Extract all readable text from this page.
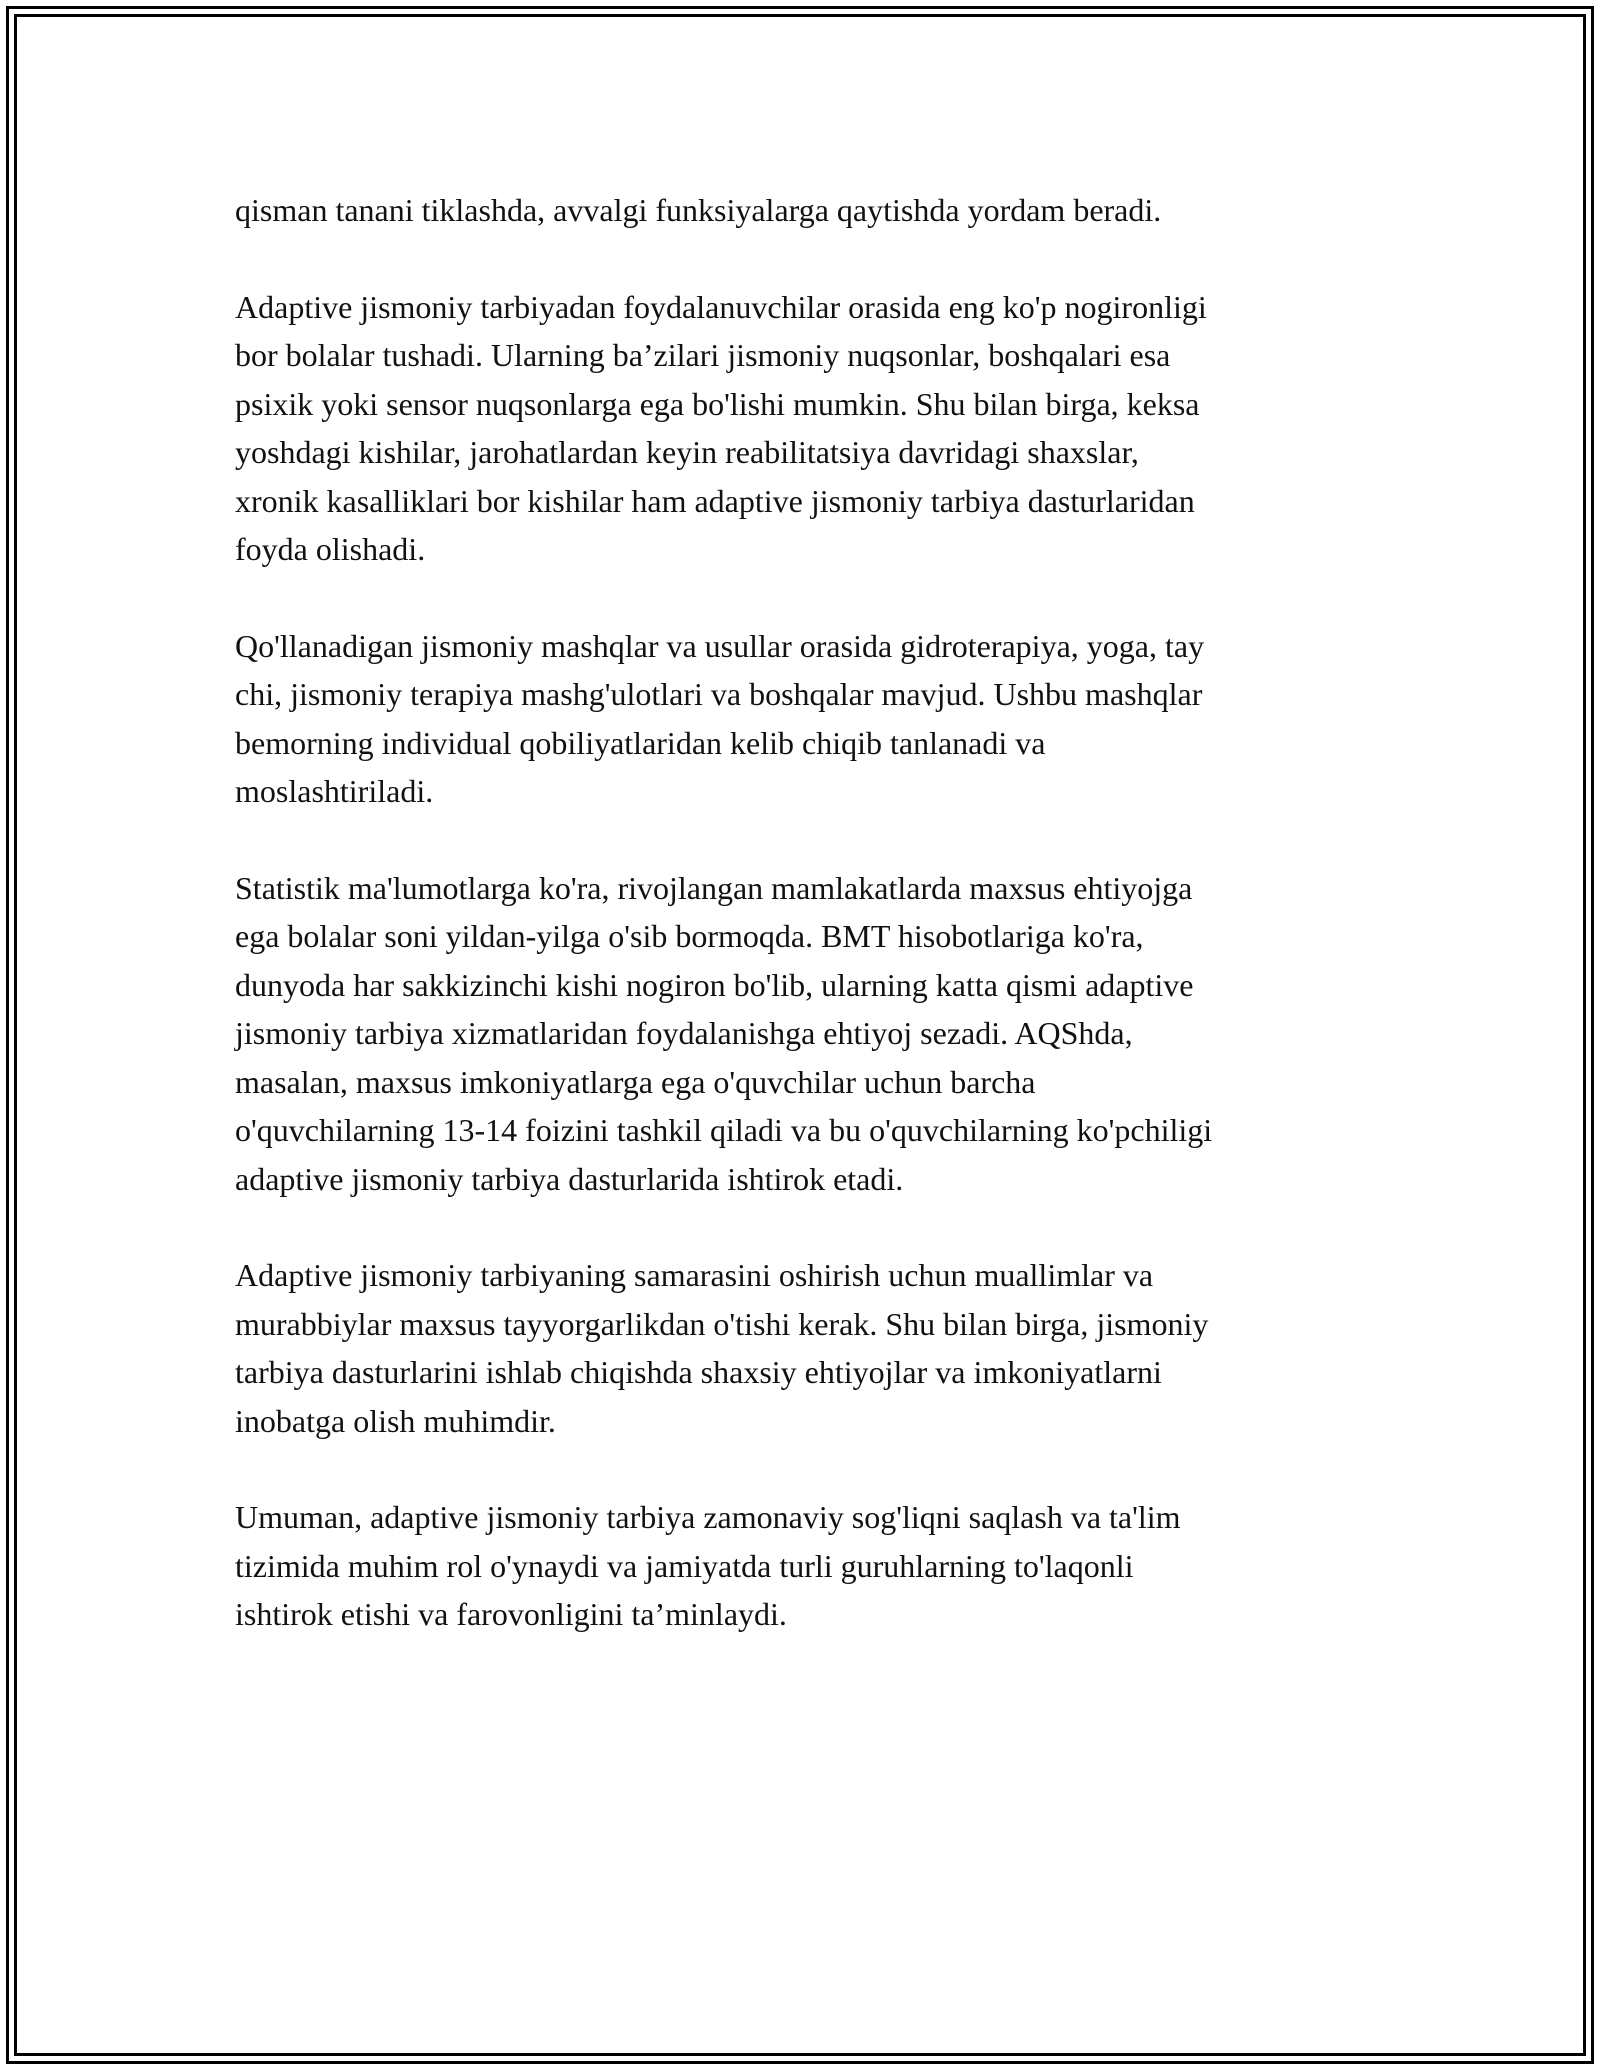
qisman tanani tiklashda, avvalgi funksiyalarga qaytishda yordam beradi.

Adaptive jismoniy tarbiyadan foydalanuvchilar orasida eng ko'p nogironligi
bor bolalar tushadi. Ularning ba’zilari jismoniy nuqsonlar, boshqalari esa
psixik yoki sensor nuqsonlarga ega bo'lishi mumkin. Shu bilan birga, keksa
yoshdagi kishilar, jarohatlardan keyin reabilitatsiya davridagi shaxslar,
xronik kasalliklari bor kishilar ham adaptive jismoniy tarbiya dasturlaridan
foyda olishadi.

Qo'llanadigan jismoniy mashqlar va usullar orasida gidroterapiya, yoga, tay
chi, jismoniy terapiya mashg'ulotlari va boshqalar mavjud. Ushbu mashqlar
bemorning individual qobiliyatlaridan kelib chiqib tanlanadi va
moslashtiriladi.

Statistik ma'lumotlarga ko'ra, rivojlangan mamlakatlarda maxsus ehtiyojga
ega bolalar soni yildan-yilga o'sib bormoqda. BMT hisobotlariga ko'ra,
dunyoda har sakkizinchi kishi nogiron bo'lib, ularning katta qismi adaptive
jismoniy tarbiya xizmatlaridan foydalanishga ehtiyoj sezadi. AQShda,
masalan, maxsus imkoniyatlarga ega o'quvchilar uchun barcha
o'quvchilarning 13-14 foizini tashkil qiladi va bu o'quvchilarning ko'pchiligi
adaptive jismoniy tarbiya dasturlarida ishtirok etadi.

Adaptive jismoniy tarbiyaning samarasini oshirish uchun muallimlar va
murabbiylar maxsus tayyorgarlikdan o'tishi kerak. Shu bilan birga, jismoniy
tarbiya dasturlarini ishlab chiqishda shaxsiy ehtiyojlar va imkoniyatlarni
inobatga olish muhimdir.

Umuman, adaptive jismoniy tarbiya zamonaviy sog'liqni saqlash va ta'lim
tizimida muhim rol o'ynaydi va jamiyatda turli guruhlarning to'laqonli
ishtirok etishi va farovonligini ta’minlaydi.
